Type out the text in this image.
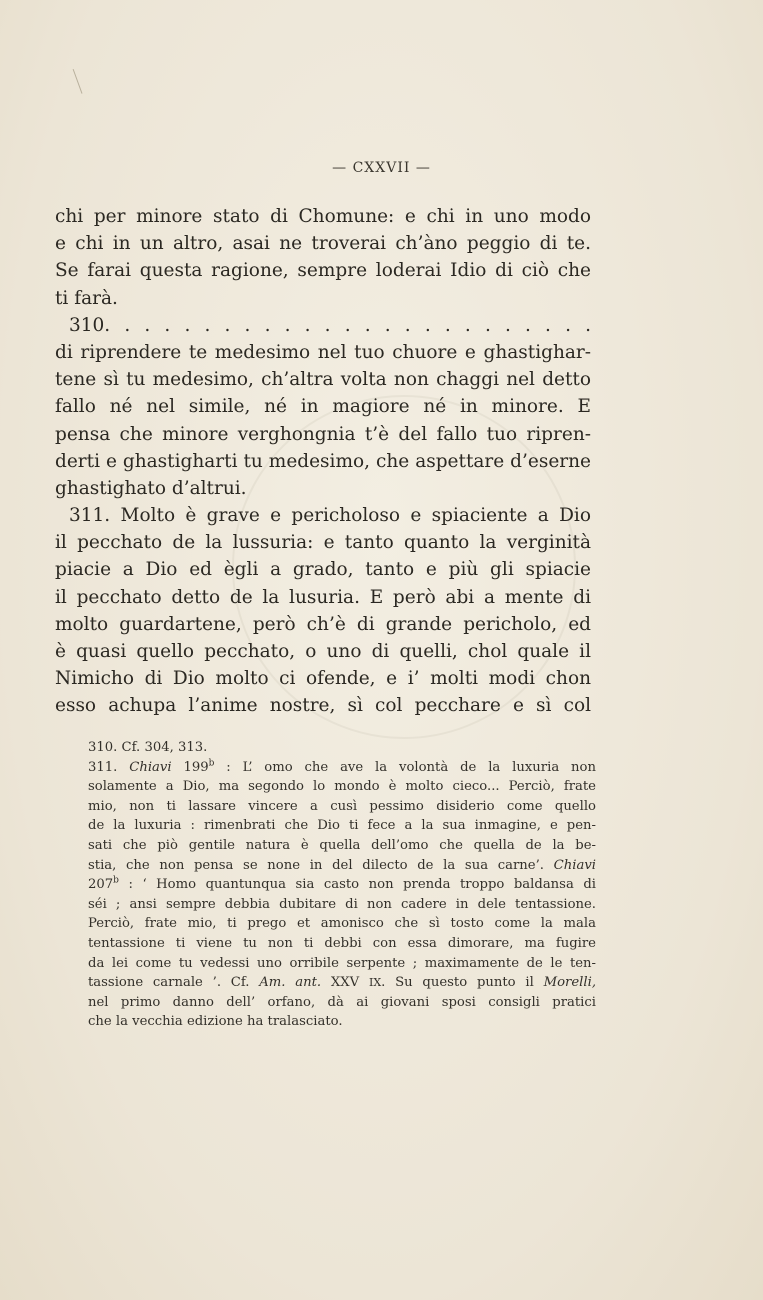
— CXXVII —
chi per minore stato di Chomune: e chi in uno modo
e chi in un altro, asai ne troverai ch’àno peggio di te.
Se farai questa ragione, sempre loderai Idio di ciò che
ti farà.
310. . . . . . . . . . . . . . . . . . . . . . . . .
di riprendere te medesimo nel tuo chuore e ghastighar-
tene sì tu medesimo, ch’altra volta non chaggi nel detto
fallo né nel simile, né in magiore né in minore. E
pensa che minore verghongnia t’è del fallo tuo ripren-
derti e ghastigharti tu medesimo, che aspettare d’eserne
ghastighato d’altrui.
311. Molto è grave e pericholoso e spiaciente a Dio
il pecchato de la lussuria: e tanto quanto la verginità
piacie a Dio ed ègli a grado, tanto e più gli spiacie
il pecchato detto de la lusuria. E però abi a mente di
molto guardartene, però ch’è di grande pericholo, ed
è quasi quello pecchato, o uno di quelli, chol quale il
Nimicho di Dio molto ci ofende, e i’ molti modi chon
esso achupa l’anime nostre, sì col pecchare e sì col
310. Cf. 304, 313.
311. Chiavi 199$^b$ : L’ omo che ave la volontà de la luxuria non
solamente a Dio, ma segondo lo mondo è molto cieco... Perciò, frate
mio, non ti lassare vincere a cusì pessimo disiderio come quello
de la luxuria : rimenbrati che Dio ti fece a la sua inmagine, e pen-
sati che piò gentile natura è quella dell’omo che quella de la be-
stia, che non pensa se none in del dilecto de la sua carne’. Chiavi
207$^b$ : ‘ Homo quantunqua sia casto non prenda troppo baldansa di
séi ; ansi sempre debbia dubitare di non cadere in dele tentassione.
Perciò, frate mio, ti prego et amonisco che sì tosto come la mala
tentassione ti viene tu non ti debbi con essa dimorare, ma fugire
da lei come tu vedessi uno orribile serpente ; maximamente de le ten-
tassione carnale ’. Cf. Am. ant. XXV IX. Su questo punto il Morelli,
nel primo danno dell’ orfano, dà ai giovani sposi consigli pratici
che la vecchia edizione ha tralasciato.
